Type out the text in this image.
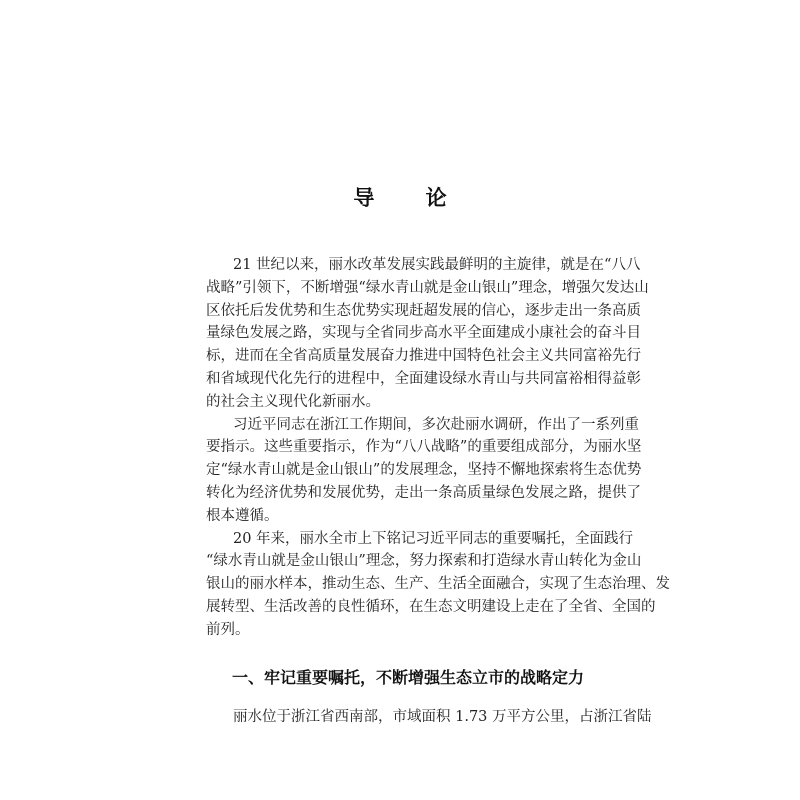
导 论
21 世纪以来，丽水改革发展实践最鲜明的主旋律，就是在“八八
战略”引领下，不断增强“绿水青山就是金山银山”理念，增强欠发达山
区依托后发优势和生态优势实现赶超发展的信心，逐步走出一条高质
量绿色发展之路，实现与全省同步高水平全面建成小康社会的奋斗目
标，进而在全省高质量发展奋力推进中国特色社会主义共同富裕先行
和省域现代化先行的进程中，全面建设绿水青山与共同富裕相得益彰
的社会主义现代化新丽水。
习近平同志在浙江工作期间，多次赴丽水调研，作出了一系列重
要指示。这些重要指示，作为“八八战略”的重要组成部分，为丽水坚
定“绿水青山就是金山银山”的发展理念，坚持不懈地探索将生态优势
转化为经济优势和发展优势，走出一条高质量绿色发展之路，提供了
根本遵循。
20 年来，丽水全市上下铭记习近平同志的重要嘱托，全面践行
“绿水青山就是金山银山”理念，努力探索和打造绿水青山转化为金山
银山的丽水样本，推动生态、生产、生活全面融合，实现了生态治理、发
展转型、生活改善的良性循环，在生态文明建设上走在了全省、全国的
前列。
一、牢记重要嘱托，不断增强生态立市的战略定力
丽水位于浙江省西南部，市域面积 1.73 万平方公里，占浙江省陆
